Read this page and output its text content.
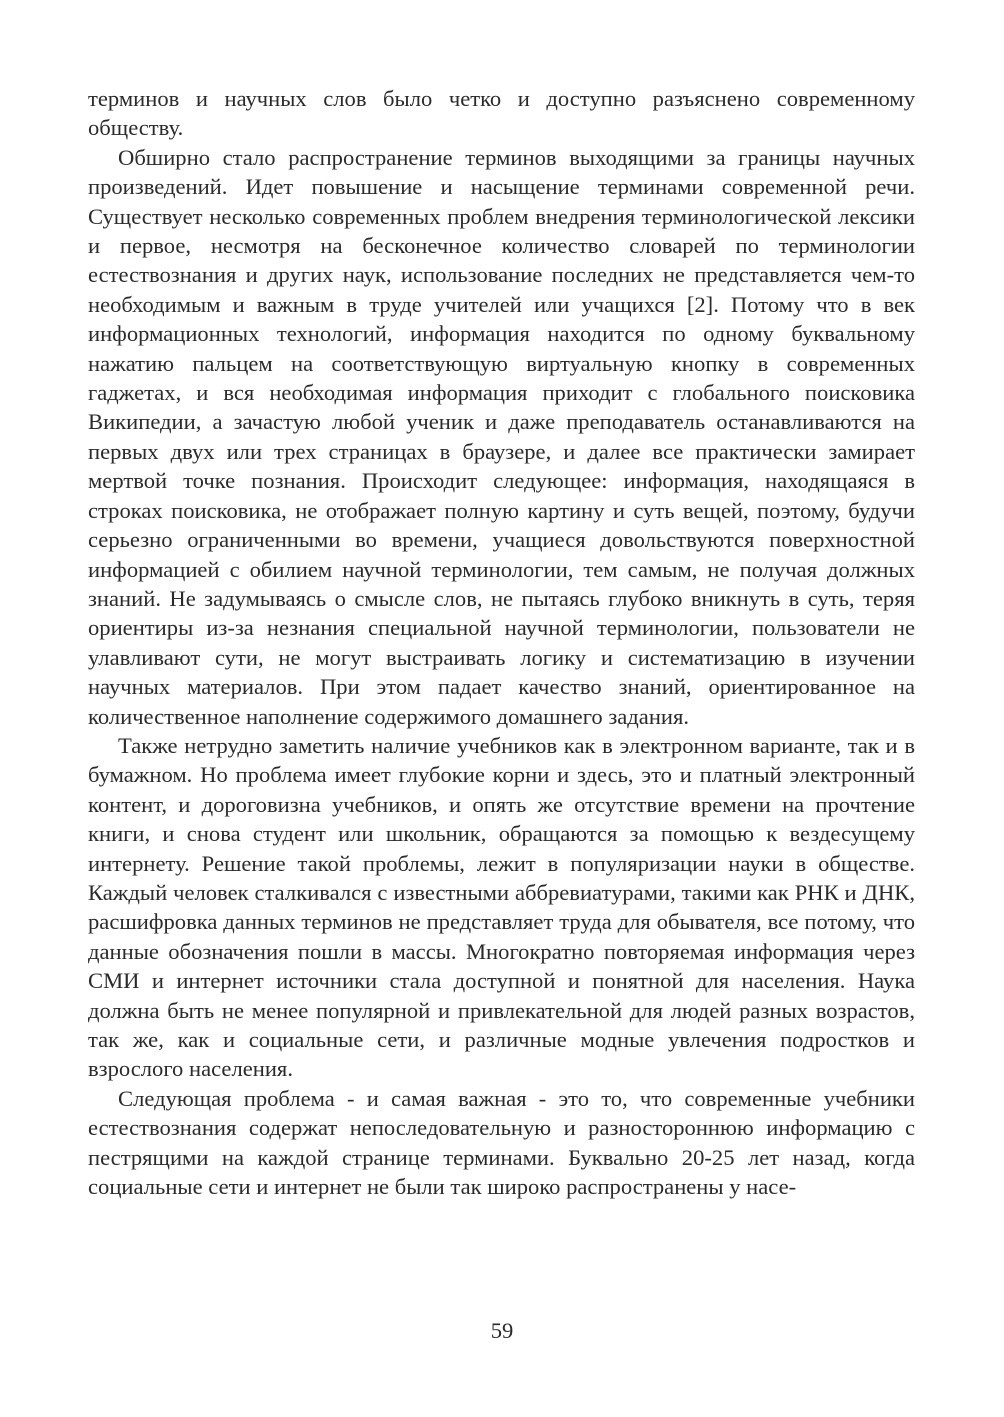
терминов и научных слов было четко и доступно разъяснено современному обществу.

Обширно стало распространение терминов выходящими за границы научных произведений. Идет повышение и насыщение терминами современной речи. Существует несколько современных проблем внедрения терминологической лексики и первое, несмотря на бесконечное количество словарей по терминологии естествознания и других наук, использование последних не представляется чем-то необходимым и важным в труде учителей или учащихся [2]. Потому что в век информационных технологий, информация находится по одному буквальному нажатию пальцем на соответствующую виртуальную кнопку в современных гаджетах, и вся необходимая информация приходит с глобального поисковика Википедии, а зачастую любой ученик и даже преподаватель останавливаются на первых двух или трех страницах в браузере, и далее все практически замирает мертвой точке познания. Происходит следующее: информация, находящаяся в строках поисковика, не отображает полную картину и суть вещей, поэтому, будучи серьезно ограниченными во времени, учащиеся довольствуются поверхностной информацией с обилием научной терминологии, тем самым, не получая должных знаний. Не задумываясь о смысле слов, не пытаясь глубоко вникнуть в суть, теряя ориентиры из-за незнания специальной научной терминологии, пользователи не улавливают сути, не могут выстраивать логику и систематизацию в изучении научных материалов. При этом падает качество знаний, ориентированное на количественное наполнение содержимого домашнего задания.

Также нетрудно заметить наличие учебников как в электронном варианте, так и в бумажном. Но проблема имеет глубокие корни и здесь, это и платный электронный контент, и дороговизна учебников, и опять же отсутствие времени на прочтение книги, и снова студент или школьник, обращаются за помощью к вездесущему интернету. Решение такой проблемы, лежит в популяризации науки в обществе. Каждый человек сталкивался с известными аббревиатурами, такими как РНК и ДНК, расшифровка данных терминов не представляет труда для обывателя, все потому, что данные обозначения пошли в массы. Многократно повторяемая информация через СМИ и интернет источники стала доступной и понятной для населения. Наука должна быть не менее популярной и привлекательной для людей разных возрастов, так же, как и социальные сети, и различные модные увлечения подростков и взрослого населения.

Следующая проблема - и самая важная - это то, что современные учебники естествознания содержат непоследовательную и разностороннюю информацию с пестрящими на каждой странице терминами. Буквально 20-25 лет назад, когда социальные сети и интернет не были так широко распространены у насе-

59
